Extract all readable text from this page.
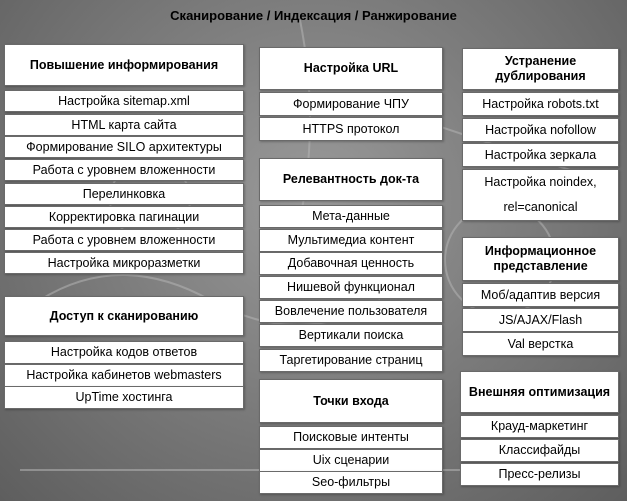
Сканирование / Индексация / Ранжирование
Повышение информирования
Настройка sitemap.xml
HTML карта сайта
Формирование SILO архитектуры
Работа с уровнем вложенности
Перелинковка
Корректировка пагинации
Работа с уровнем вложенности
Настройка микроразметки
Доступ к сканированию
Настройка кодов ответов
Настройка кабинетов webmasters
UpTime хостинга
Настройка URL
Формирование ЧПУ
HTTPS протокол
Релевантность док-та
Мета-данные
Мультимедиа контент
Добавочная ценность
Нишевой функционал
Вовлечение пользователя
Вертикали поиска
Таргетирование страниц
Точки входа
Поисковые интенты
Uix сценарии
Seo-фильтры
Устранение дублирования
Настройка robots.txt
Настройка nofollow
Настройка зеркала
Настройка noindex, rel=canonical
Информационное представление
Моб/адаптив версия
JS/AJAX/Flash
Val верстка
Внешняя оптимизация
Крауд-маркетинг
Классифайды
Пресс-релизы
